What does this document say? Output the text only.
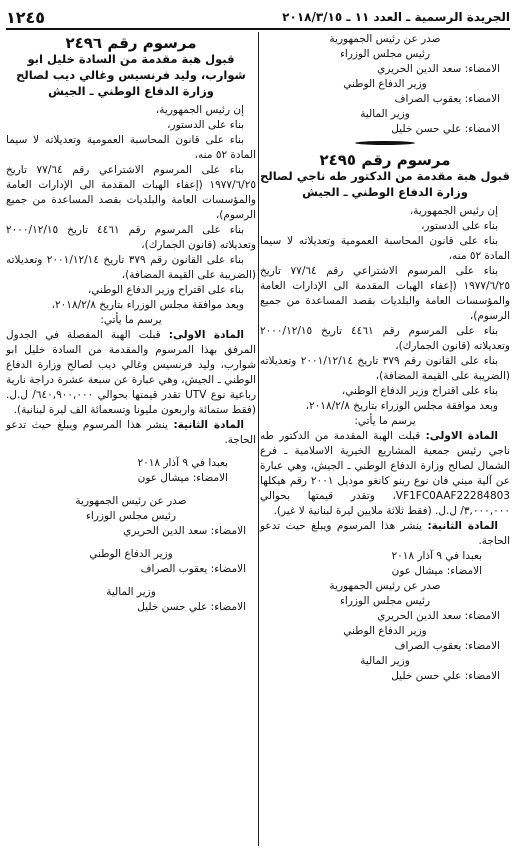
الجريدة الرسمية ـ العدد ١١ ـ ٢٠١٨/٣/١٥
١٢٤٥

صدر عن رئيس الجمهورية

رئيس مجلس الوزراء

الامضاء: سعد الدين الحريري

وزير الدفاع الوطني

الامضاء: يعقوب الصراف

وزير المالية

الامضاء: علي حسن خليل

مرسوم رقم ٢٤٩٥

قبول هبة مقدمة من الدكتور طه ناجي لصالح وزارة الدفاع الوطني ـ الجيش

إن رئيس الجمهورية،

بناء على الدستور،

بناء على قانون المحاسبة العمومية وتعديلاته لا سيما المادة ٥٢ منه،

بناء على المرسوم الاشتراعي رقم ٧٧/٦٤ تاريخ ١٩٧٧/٦/٢٥ (إعفاء الهبات المقدمة الى الإدارات العامة والمؤسسات العامة والبلديات بقصد المساعدة من جميع الرسوم)،

بناء على المرسوم رقم ٤٤٦١ تاريخ ٢٠٠٠/١٢/١٥ وتعديلاته (قانون الجمارك)،

بناء على القانون رقم ٣٧٩ تاريخ ٢٠٠١/١٢/١٤ وتعديلاته (الضريبة على القيمة المضافة)،

بناء على اقتراح وزير الدفاع الوطني،

وبعد موافقة مجلس الوزراء بتاريخ ٢٠١٨/٢/٨،

يرسم ما يأتي:

المادة الاولى: قبلت الهبة المقدمة من الدكتور طه ناجي رئيس جمعية المشاريع الخيرية الاسلامية ـ فرع الشمال لصالح وزارة الدفاع الوطني ـ الجيش، وهي عبارة عن آلية ميني فان نوع رينو كانغو موديل ٢٠٠١ رقم هيكلها VF1FC0AAF22284803، وتقدر قيمتها بحوالي ٣,٠٠٠,٠٠٠/ ل.ل. (فقط ثلاثة ملايين ليرة لبنانية لا غير).

المادة الثانية: ينشر هذا المرسوم ويبلغ حيث تدعو الحاجة.

بعبدا في ٩ آذار ٢٠١٨

الامضاء: ميشال عون

صدر عن رئيس الجمهورية

رئيس مجلس الوزراء

الامضاء: سعد الدين الحريري

وزير الدفاع الوطني

الامضاء: يعقوب الصراف

وزير المالية

الامضاء: علي حسن خليل

مرسوم رقم ٢٤٩٦

قبول هبة مقدمة من السادة خليل ابو شوارب، وليد فرنسيس وغالي ديب لصالح وزارة الدفاع الوطني ـ الجيش

إن رئيس الجمهورية،

بناء على الدستور،

بناء على قانون المحاسبة العمومية وتعديلاته لا سيما المادة ٥٢ منه،

بناء على المرسوم الاشتراعي رقم ٧٧/٦٤ تاريخ ١٩٧٧/٦/٢٥ (إعفاء الهبات المقدمة الى الإدارات العامة والمؤسسات العامة والبلديات بقصد المساعدة من جميع الرسوم)،

بناء على المرسوم رقم ٤٤٦١ تاريخ ٢٠٠٠/١٢/١٥ وتعديلاته (قانون الجمارك)،

بناء على القانون رقم ٣٧٩ تاريخ ٢٠٠١/١٢/١٤ وتعديلاته (الضريبة على القيمة المضافة)،

بناء على اقتراح وزير الدفاع الوطني،

وبعد موافقة مجلس الوزراء بتاريخ ٢٠١٨/٢/٨،

يرسم ما يأتي:

المادة الاولى: قبلت الهبة المفصلة في الجدول المرفق بهذا المرسوم والمقدمة من السادة خليل ابو شوارب، وليد فرنسيس وغالي ديب لصالح وزارة الدفاع الوطني ـ الجيش، وهي عبارة عن سبعة عشرة دراجة نارية رباعية نوع UTV تقدر قيمتها بحوالي ٦٤٠,٩٠٠,٠٠٠/ ل.ل. (فقط ستمائة واربعون مليونا وتسعمائة الف ليرة لبنانية).

المادة الثانية: ينشر هذا المرسوم ويبلغ حيث تدعو الحاجة.

بعبدا في ٩ آذار ٢٠١٨

الامضاء: ميشال عون

صدر عن رئيس الجمهورية

رئيس مجلس الوزراء

الامضاء: سعد الدين الحريري

وزير الدفاع الوطني

الامضاء: يعقوب الصراف

وزير المالية

الامضاء: علي حسن خليل
